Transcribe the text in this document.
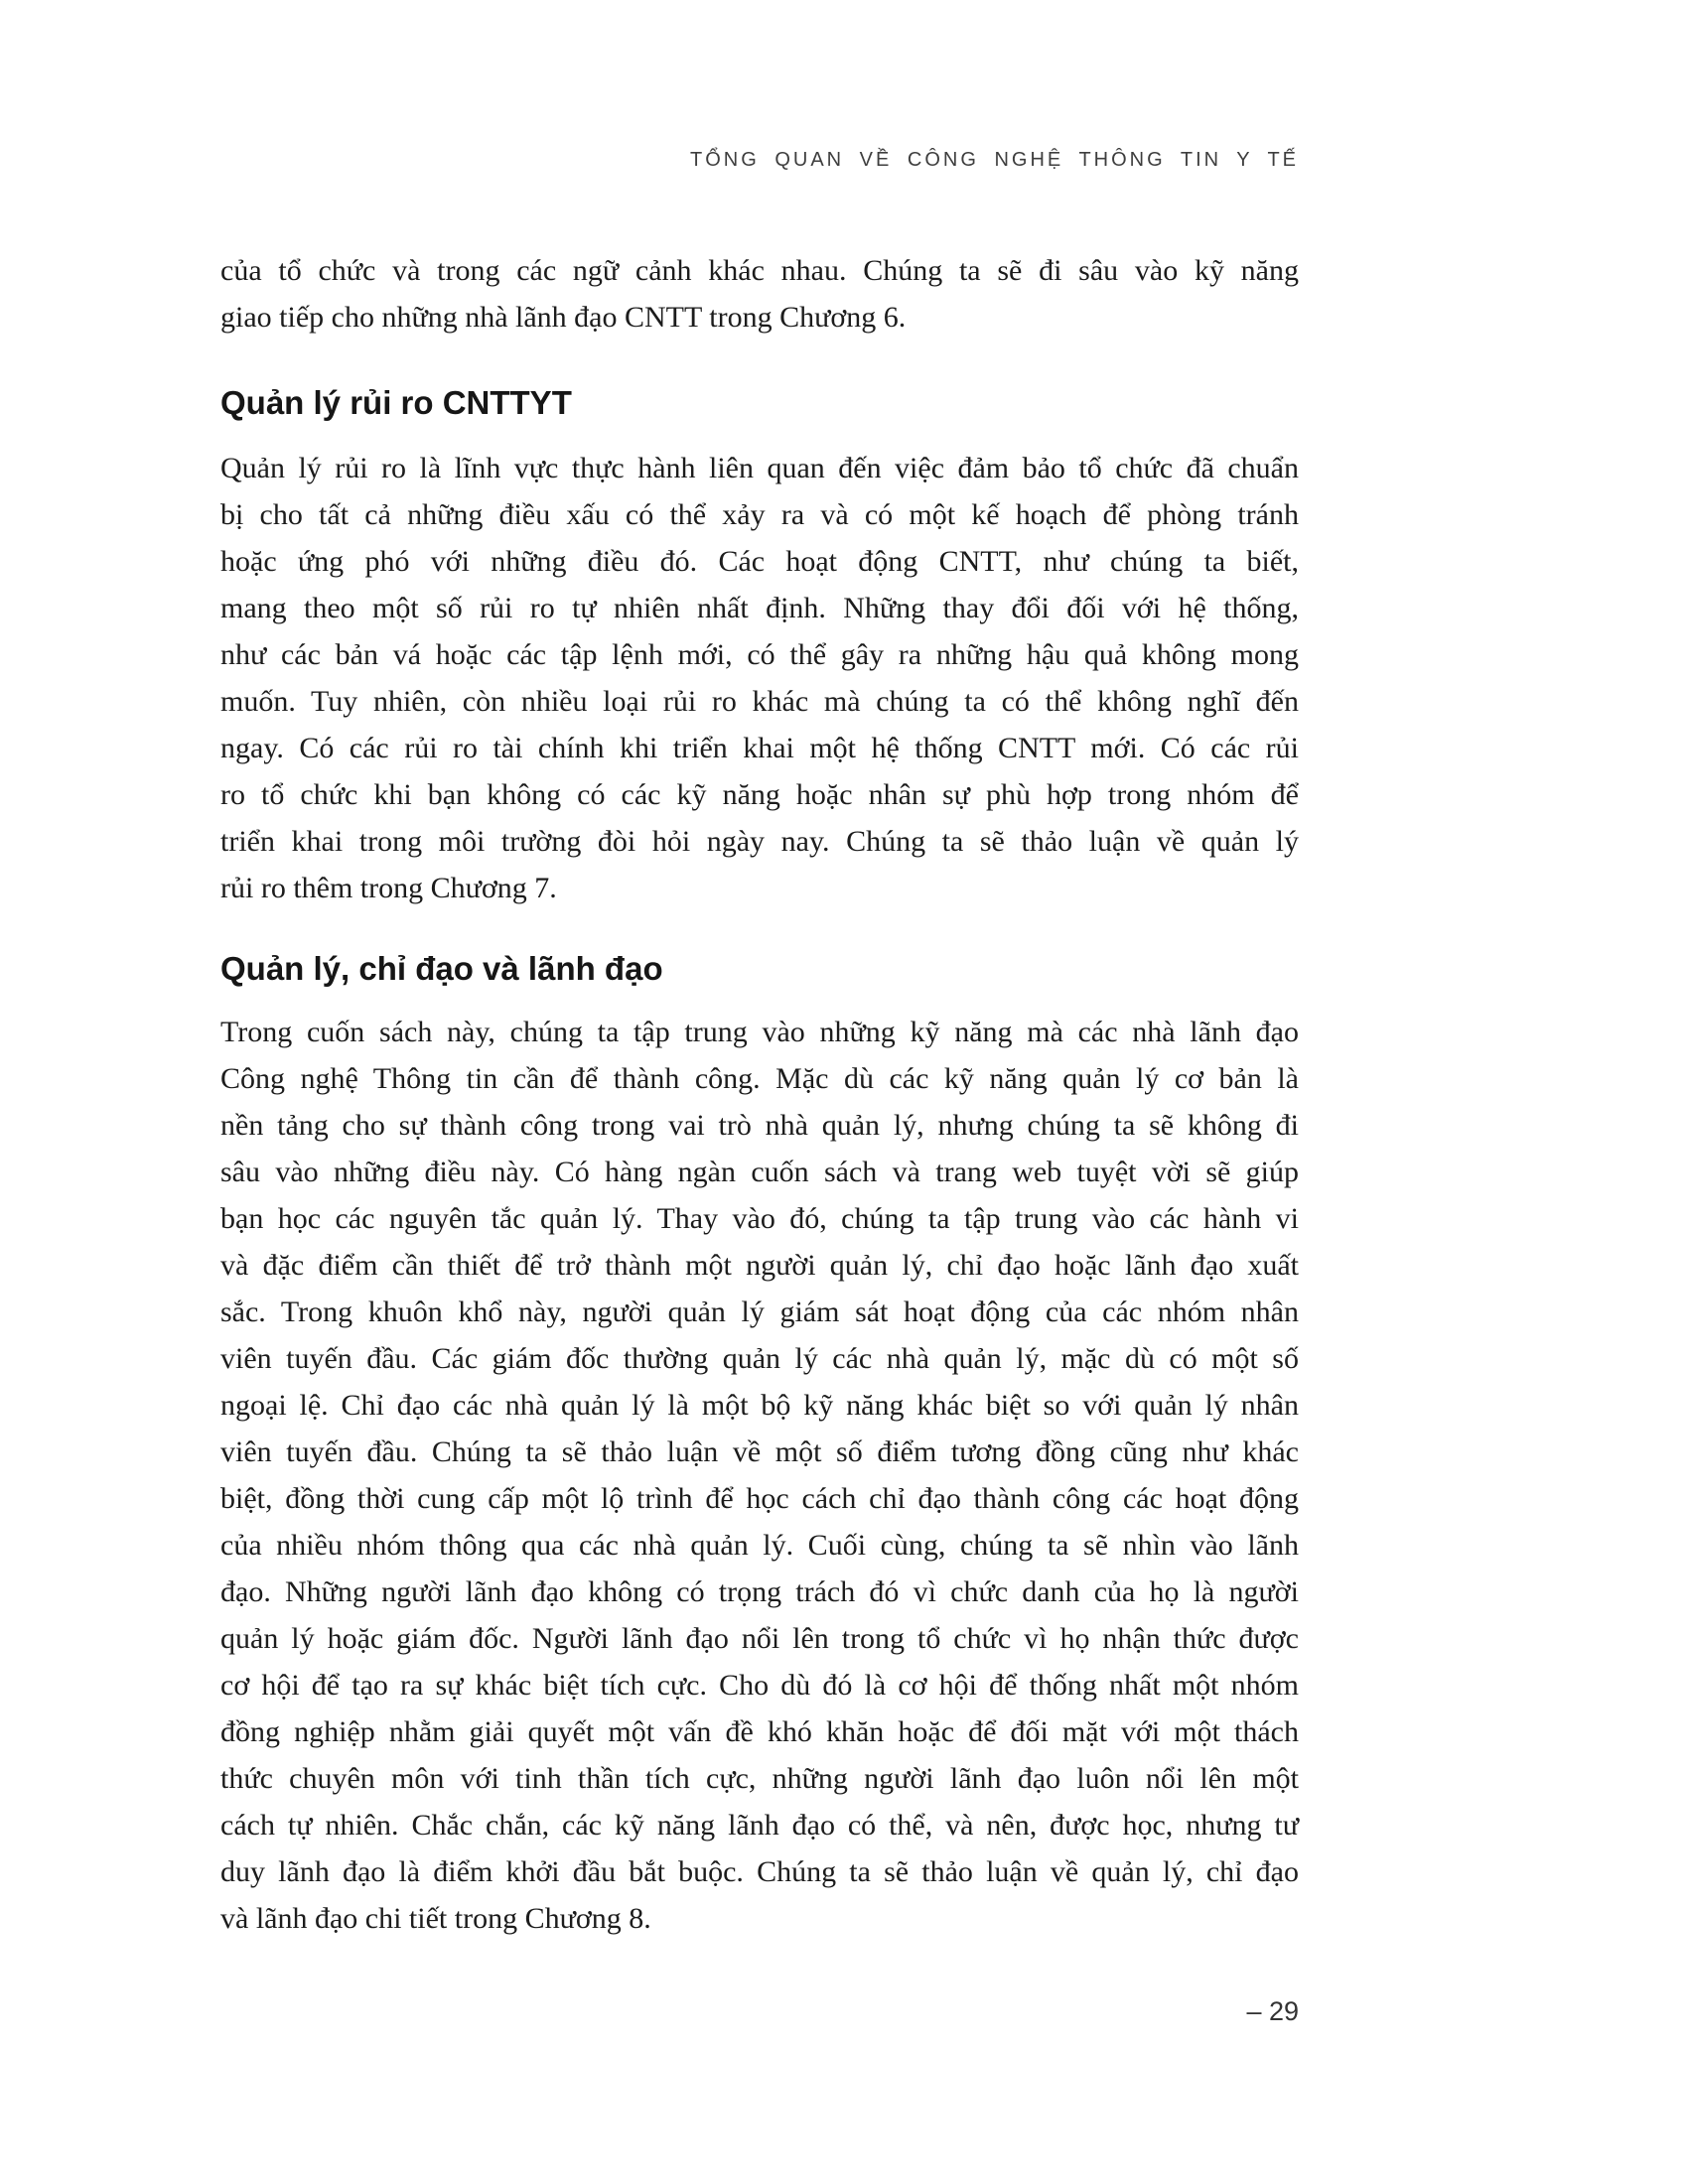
TỔNG QUAN VỀ CÔNG NGHỆ THÔNG TIN Y TẾ
của tổ chức và trong các ngữ cảnh khác nhau. Chúng ta sẽ đi sâu vào kỹ năng
giao tiếp cho những nhà lãnh đạo CNTT trong Chương 6.
Quản lý rủi ro CNTTYT
Quản lý rủi ro là lĩnh vực thực hành liên quan đến việc đảm bảo tổ chức đã chuẩn
bị cho tất cả những điều xấu có thể xảy ra và có một kế hoạch để phòng tránh
hoặc ứng phó với những điều đó. Các hoạt động CNTT, như chúng ta biết,
mang theo một số rủi ro tự nhiên nhất định. Những thay đổi đối với hệ thống,
như các bản vá hoặc các tập lệnh mới, có thể gây ra những hậu quả không mong
muốn. Tuy nhiên, còn nhiều loại rủi ro khác mà chúng ta có thể không nghĩ đến
ngay. Có các rủi ro tài chính khi triển khai một hệ thống CNTT mới. Có các rủi
ro tổ chức khi bạn không có các kỹ năng hoặc nhân sự phù hợp trong nhóm để
triển khai trong môi trường đòi hỏi ngày nay. Chúng ta sẽ thảo luận về quản lý
rủi ro thêm trong Chương 7.
Quản lý, chỉ đạo và lãnh đạo
Trong cuốn sách này, chúng ta tập trung vào những kỹ năng mà các nhà lãnh đạo
Công nghệ Thông tin cần để thành công. Mặc dù các kỹ năng quản lý cơ bản là
nền tảng cho sự thành công trong vai trò nhà quản lý, nhưng chúng ta sẽ không đi
sâu vào những điều này. Có hàng ngàn cuốn sách và trang web tuyệt vời sẽ giúp
bạn học các nguyên tắc quản lý. Thay vào đó, chúng ta tập trung vào các hành vi
và đặc điểm cần thiết để trở thành một người quản lý, chỉ đạo hoặc lãnh đạo xuất
sắc. Trong khuôn khổ này, người quản lý giám sát hoạt động của các nhóm nhân
viên tuyến đầu. Các giám đốc thường quản lý các nhà quản lý, mặc dù có một số
ngoại lệ. Chỉ đạo các nhà quản lý là một bộ kỹ năng khác biệt so với quản lý nhân
viên tuyến đầu. Chúng ta sẽ thảo luận về một số điểm tương đồng cũng như khác
biệt, đồng thời cung cấp một lộ trình để học cách chỉ đạo thành công các hoạt động
của nhiều nhóm thông qua các nhà quản lý. Cuối cùng, chúng ta sẽ nhìn vào lãnh
đạo. Những người lãnh đạo không có trọng trách đó vì chức danh của họ là người
quản lý hoặc giám đốc. Người lãnh đạo nổi lên trong tổ chức vì họ nhận thức được
cơ hội để tạo ra sự khác biệt tích cực. Cho dù đó là cơ hội để thống nhất một nhóm
đồng nghiệp nhằm giải quyết một vấn đề khó khăn hoặc để đối mặt với một thách
thức chuyên môn với tinh thần tích cực, những người lãnh đạo luôn nổi lên một
cách tự nhiên. Chắc chắn, các kỹ năng lãnh đạo có thể, và nên, được học, nhưng tư
duy lãnh đạo là điểm khởi đầu bắt buộc. Chúng ta sẽ thảo luận về quản lý, chỉ đạo
và lãnh đạo chi tiết trong Chương 8.
– 29
